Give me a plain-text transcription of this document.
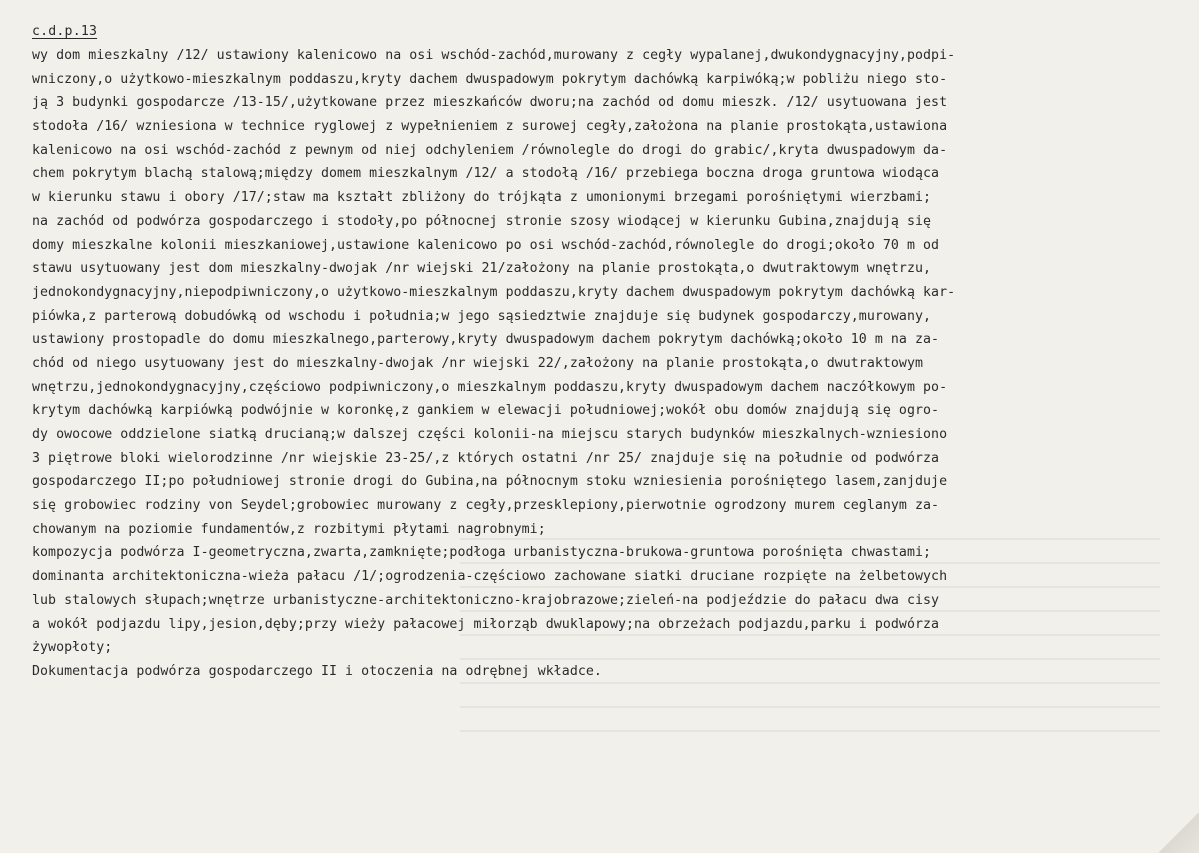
c.d.p.13
wy dom mieszkalny /12/ ustawiony kalenicowo na osi wschód-zachód,murowany z cegły wypalanej,dwukondygnacyjny,podpi-
wniczony,o użytkowo-mieszkalnym poddaszu,kryty dachem dwuspadowym pokrytym dachówką karpiwóką;w pobliżu niego sto-
ją 3 budynki gospodarcze /13-15/,użytkowane przez mieszkańców dworu;na zachód od domu mieszk. /12/ usytuowana jest
stodoła /16/ wzniesiona w technice ryglowej z wypełnieniem z surowej cegły,założona na planie prostokąta,ustawiona
kalenicowo na osi wschód-zachód z pewnym od niej odchyleniem /równolegle do drogi do grabic/,kryta dwuspadowym da-
chem pokrytym blachą stalową;między domem mieszkalnym /12/ a stodołą /16/ przebiega boczna droga gruntowa wiodąca
w kierunku stawu i obory /17/;staw ma kształt zbliżony do trójkąta z umonionymi brzegami porośniętymi wierzbami;
na zachód od podwórza gospodarczego i stodoły,po północnej stronie szosy wiodącej w kierunku Gubina,znajdują się
domy mieszkalne kolonii mieszkaniowej,ustawione kalenicowo po osi wschód-zachód,równolegle do drogi;około 70 m od
stawu usytuowany jest dom mieszkalny-dwojak /nr wiejski 21/założony na planie prostokąta,o dwutraktowym wnętrzu,
jednokondygnacyjny,niepodpiwniczony,o użytkowo-mieszkalnym poddaszu,kryty dachem dwuspadowym pokrytym dachówką kar-
piówka,z parterową dobudówką od wschodu i południa;w jego sąsiedztwie znajduje się budynek gospodarczy,murowany,
ustawiony prostopadle do domu mieszkalnego,parterowy,kryty dwuspadowym dachem pokrytym dachówką;około 10 m na za-
chód od niego usytuowany jest do mieszkalny-dwojak /nr wiejski 22/,założony na planie prostokąta,o dwutraktowym
wnętrzu,jednokondygnacyjny,częściowo podpiwniczony,o mieszkalnym poddaszu,kryty dwuspadowym dachem naczółkowym po-
krytym dachówką karpiówką podwójnie w koronkę,z gankiem w elewacji południowej;wokół obu domów znajdują się ogro-
dy owocowe oddzielone siatką drucianą;w dalszej części kolonii-na miejscu starych budynków mieszkalnych-wzniesiono
3 piętrowe bloki wielorodzinne /nr wiejskie 23-25/,z których ostatni /nr 25/ znajduje się na południe od podwórza
gospodarczego II;po południowej stronie drogi do Gubina,na północnym stoku wzniesienia porośniętego lasem,zanjduje
się grobowiec rodziny von Seydel;grobowiec murowany z cegły,przesklepiony,pierwotnie ogrodzony murem ceglanym za-
chowanym na poziomie fundamentów,z rozbitymi płytami nagrobnymi;
kompozycja podwórza I-geometryczna,zwarta,zamknięte;podłoga urbanistyczna-brukowa-gruntowa porośnięta chwastami;
dominanta architektoniczna-wieża pałacu /1/;ogrodzenia-częściowo zachowane siatki druciane rozpięte na żelbetowych
lub stalowych słupach;wnętrze urbanistyczne-architektoniczno-krajobrazowe;zieleń-na podjeździe do pałacu dwa cisy
a wokół podjazdu lipy,jesion,dęby;przy wieży pałacowej miłorząb dwuklapowy;na obrzeżach podjazdu,parku i podwórza
żywopłoty;
Dokumentacja podwórza gospodarczego II i otoczenia na odrębnej wkładce.
